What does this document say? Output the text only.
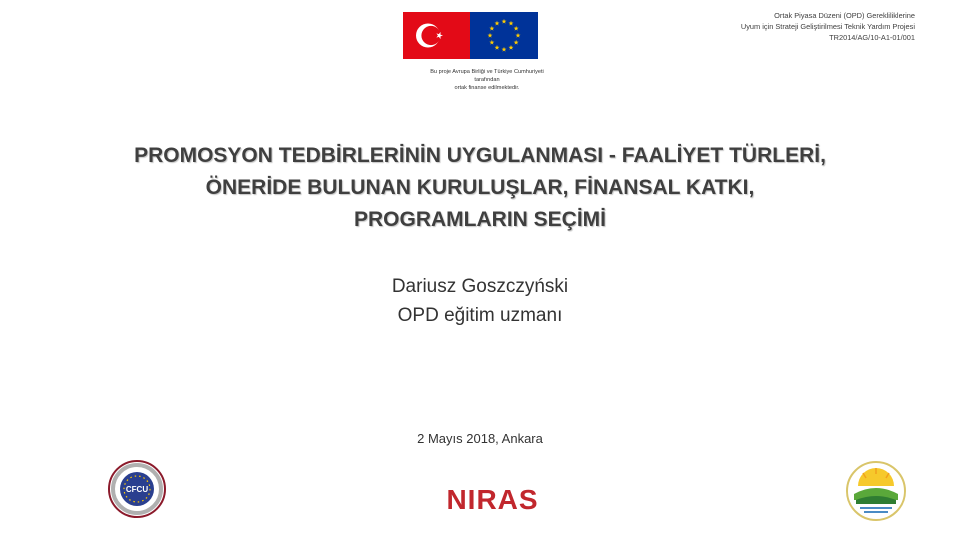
Bu proje Avrupa Birliği ve Türkiye Cumhuriyeti
tarafından
ortak finanse edilmektedir.
Ortak Piyasa Düzeni (OPD) Gerekliliklerine
Uyum için Strateji Geliştirilmesi Teknik Yardım Projesi
TR2014/AG/10-A1-01/001
PROMOSYON TEDBİRLERİNİN UYGULANMASI - FAALİYET TÜRLERİ,
ÖNERİDE BULUNAN KURULUŞLAR, FİNANSAL KATKI,
PROGRAMLARIN SEÇİMİ
Dariusz Goszczyński
OPD eğitim uzmanı
2 Mayıs 2018, Ankara
CFCU	NIRAS
